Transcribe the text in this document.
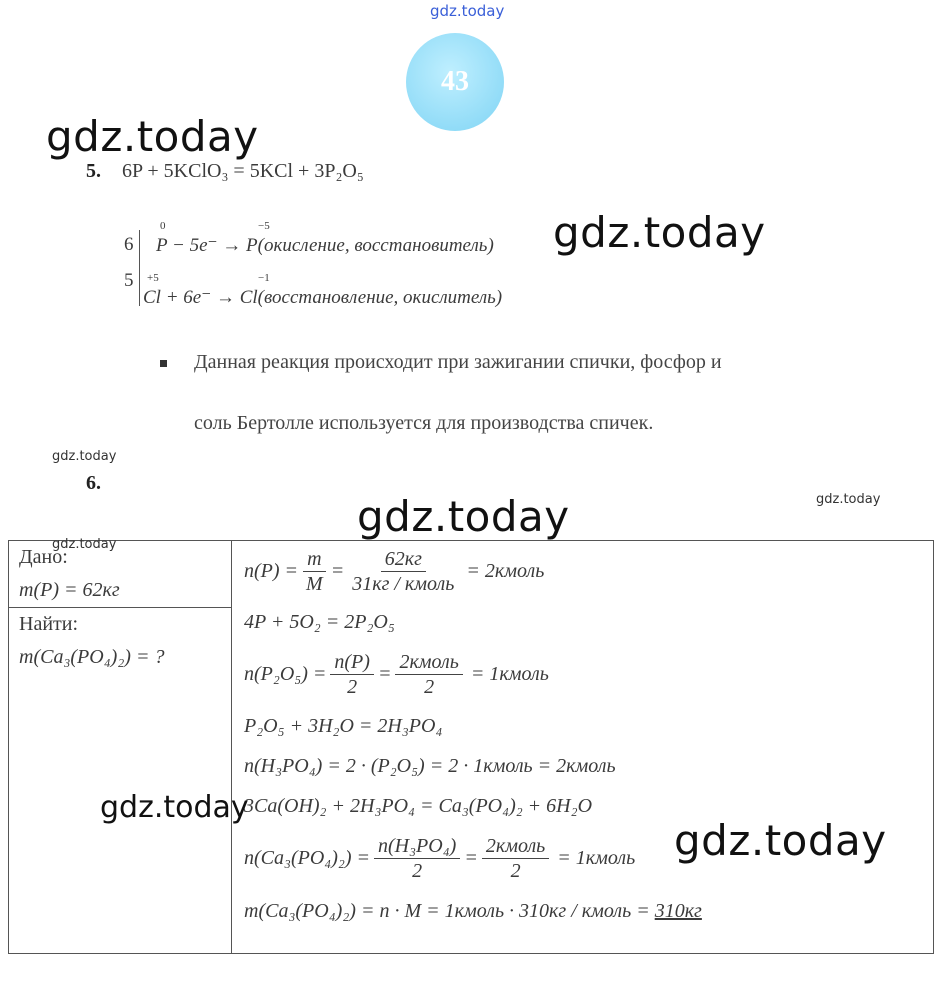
gdz.today
gdz.today
gdz.today
gdz.today
gdz.today
gdz.today
gdz.today
gdz.today
gdz.today
43
5. 6P + 5KClO₃ = 5KCl + 3P₂O₅
6
5
0	−5
P − 5e⁻ → P(окисление, восстановитель)
+5	−1
Cl + 6e⁻ → Cl(восстановление, окислитель)
Данная реакция происходит при зажигании спички, фосфор и
соль Бертолле используется для производства спичек.
6.
Дано:
m(P) = 62кг

$n(P) = \frac{m}{M} = \frac{62кг}{\text{31кг / кмоль}}$ = 2кмоль
4P + 5O₂ = 2P₂O₅
$n(P_2O_5) = \frac{n(P)}{2} = \frac{\text{2кмоль}}{2}$ = 1кмоль
P₂O₅ + 3H₂O = 2H₃PO₄
n(H₃PO₄) = 2 · (P₂O₅) = 2 · 1кмоль = 2кмоль
3Ca(OH)₂ + 2H₃PO₄ = Ca₃(PO₄)₂ + 6H₂O
$n(Ca_3(PO_4)_2) = \frac{\text{n(H₃PO₄)}}{2} = \frac{\text{2кмоль}}{2}$ = 1кмоль
m(Ca₃(PO₄)₂) = n · M = 1кмоль · 310кг / кмоль = 310кг

Найти:
m(Ca₃(PO₄)₂) = ?
